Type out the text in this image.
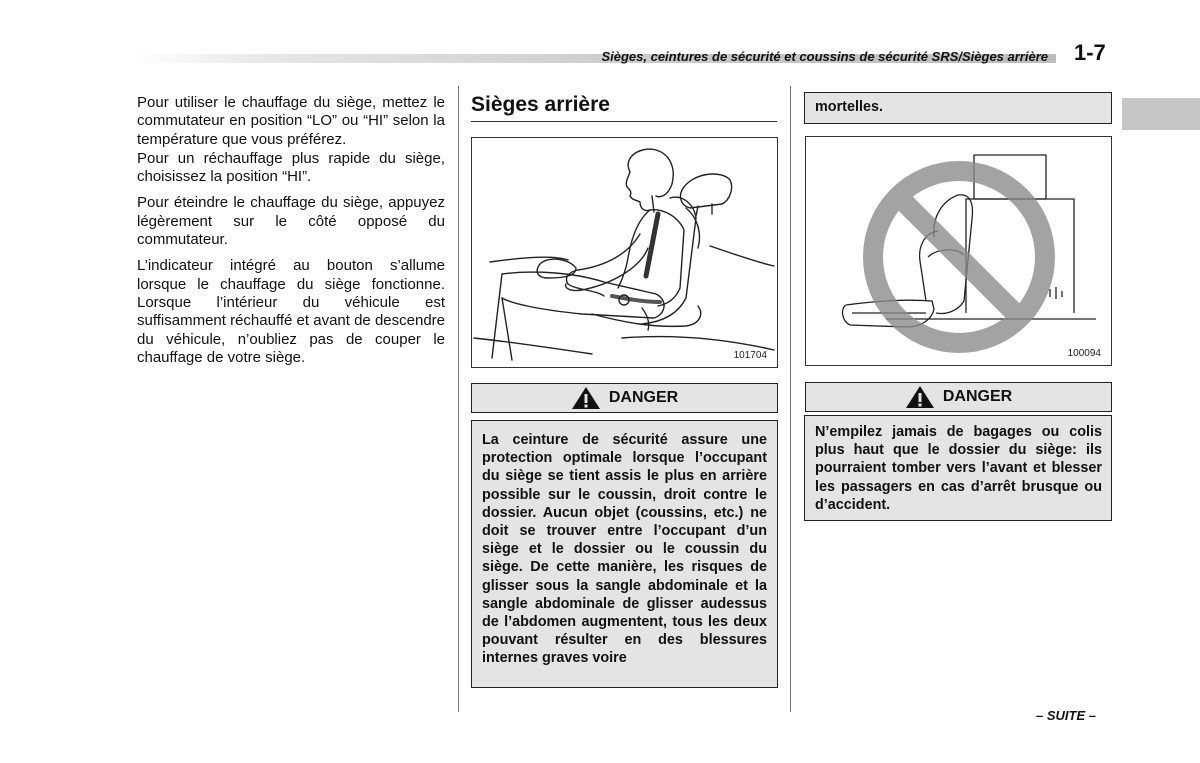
Sièges, ceintures de sécurité et coussins de sécurité SRS/Sièges arrière 1-7

Pour utiliser le chauffage du siège, mettez le commutateur en position “LO” ou “HI” selon la température que vous préférez.

Pour un réchauffage plus rapide du siège, choisissez la position “HI”.

Pour éteindre le chauffage du siège, appuyez légèrement sur le côté opposé du commutateur.

L’indicateur intégré au bouton s’allume lorsque le chauffage du siège fonctionne. Lorsque l’intérieur du véhicule est suffisamment réchauffé et avant de descendre du véhicule, n’oubliez pas de couper le chauffage de votre siège.

Sièges arrière
101704
DANGER

La ceinture de sécurité assure une protection optimale lorsque l’occupant du siège se tient assis le plus en arrière possible sur le coussin, droit contre le dossier. Aucun objet (coussins, etc.) ne doit se trouver entre l’occupant d’un siège et le dossier ou le coussin du siège. De cette manière, les risques de glisser sous la sangle abdominale et la sangle abdominale de glisser audessus de l’abdomen augmentent, tous les deux pouvant résulter en des blessures internes graves voire

mortelles.

100094
DANGER

N’empilez jamais de bagages ou colis plus haut que le dossier du siège: ils pourraient tomber vers l’avant et blesser les passagers en cas d’arrêt brusque ou d’accident.

– SUITE –
